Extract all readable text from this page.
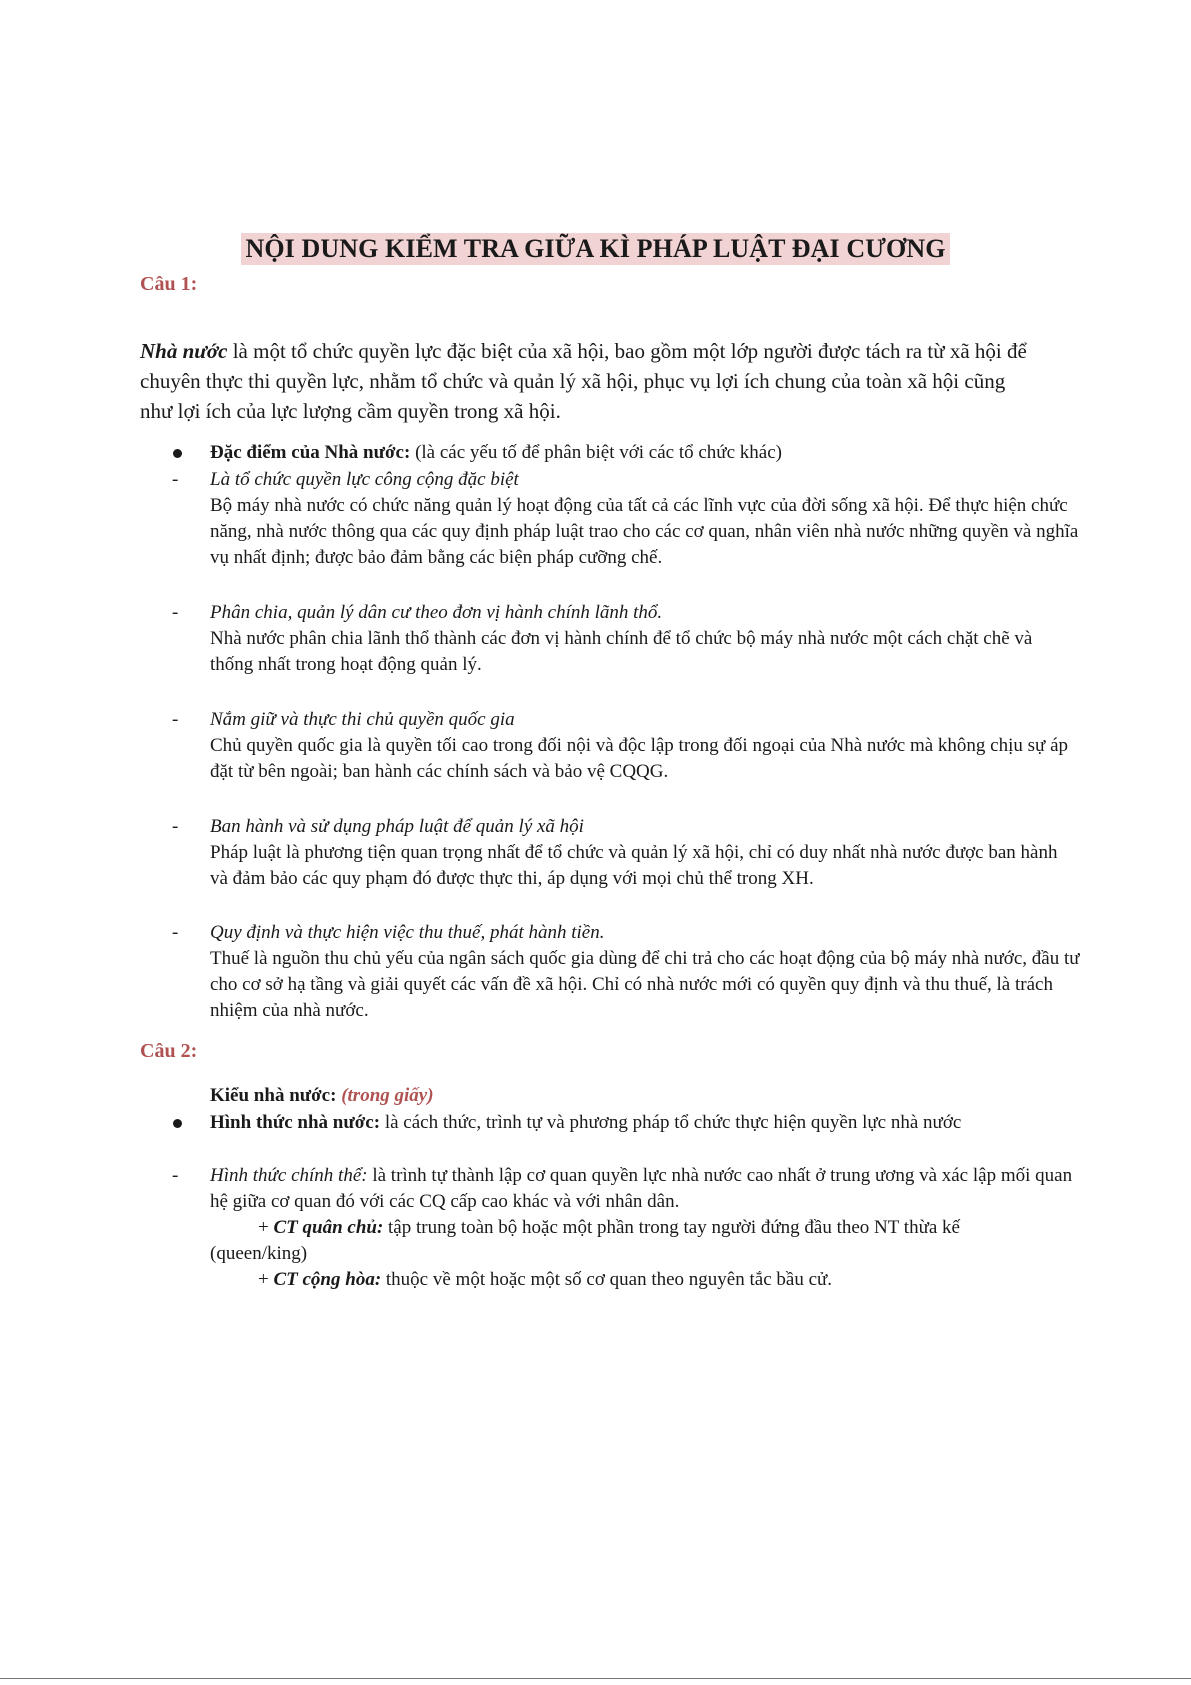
NỘI DUNG KIỂM TRA GIỮA KÌ PHÁP LUẬT ĐẠI CƯƠNG
Câu 1:
Nhà nước là một tổ chức quyền lực đặc biệt của xã hội, bao gồm một lớp người được tách ra từ xã hội để chuyên thực thi quyền lực, nhằm tổ chức và quản lý xã hội, phục vụ lợi ích chung của toàn xã hội cũng như lợi ích của lực lượng cầm quyền trong xã hội.
Đặc điểm của Nhà nước: (là các yếu tố để phân biệt với các tổ chức khác)
-	Là tổ chức quyền lực công cộng đặc biệt
Bộ máy nhà nước có chức năng quản lý hoạt động của tất cả các lĩnh vực của đời sống xã hội. Để thực hiện chức năng, nhà nước thông qua các quy định pháp luật trao cho các cơ quan, nhân viên nhà nước những quyền và nghĩa vụ nhất định; được bảo đảm bằng các biện pháp cưỡng chế.
-	Phân chia, quản lý dân cư theo đơn vị hành chính lãnh thổ.
Nhà nước phân chia lãnh thổ thành các đơn vị hành chính để tổ chức bộ máy nhà nước một cách chặt chẽ và thống nhất trong hoạt động quản lý.
-	Nắm giữ và thực thi chủ quyền quốc gia
Chủ quyền quốc gia là quyền tối cao trong đối nội và độc lập trong đối ngoại của Nhà nước mà không chịu sự áp đặt từ bên ngoài; ban hành các chính sách và bảo vệ CQQG.
-	Ban hành và sử dụng pháp luật để quản lý xã hội
Pháp luật là phương tiện quan trọng nhất để tổ chức và quản lý xã hội, chỉ có duy nhất nhà nước được ban hành và đảm bảo các quy phạm đó được thực thi, áp dụng với mọi chủ thể trong XH.
-	Quy định và thực hiện việc thu thuế, phát hành tiền.
Thuế là nguồn thu chủ yếu của ngân sách quốc gia dùng để chi trả cho các hoạt động của bộ máy nhà nước, đầu tư cho cơ sở hạ tầng và giải quyết các vấn đề xã hội. Chỉ có nhà nước mới có quyền quy định và thu thuế, là trách nhiệm của nhà nước.
Câu 2:
Kiểu nhà nước: (trong giấy)
Hình thức nhà nước: là cách thức, trình tự và phương pháp tổ chức thực hiện quyền lực nhà nước
-	Hình thức chính thể: là trình tự thành lập cơ quan quyền lực nhà nước cao nhất ở trung ương và xác lập mối quan hệ giữa cơ quan đó với các CQ cấp cao khác và với nhân dân.
+ CT quân chủ: tập trung toàn bộ hoặc một phần trong tay người đứng đầu theo NT thừa kế
(queen/king)
+ CT cộng hòa: thuộc về một hoặc một số cơ quan theo nguyên tắc bầu cử.
